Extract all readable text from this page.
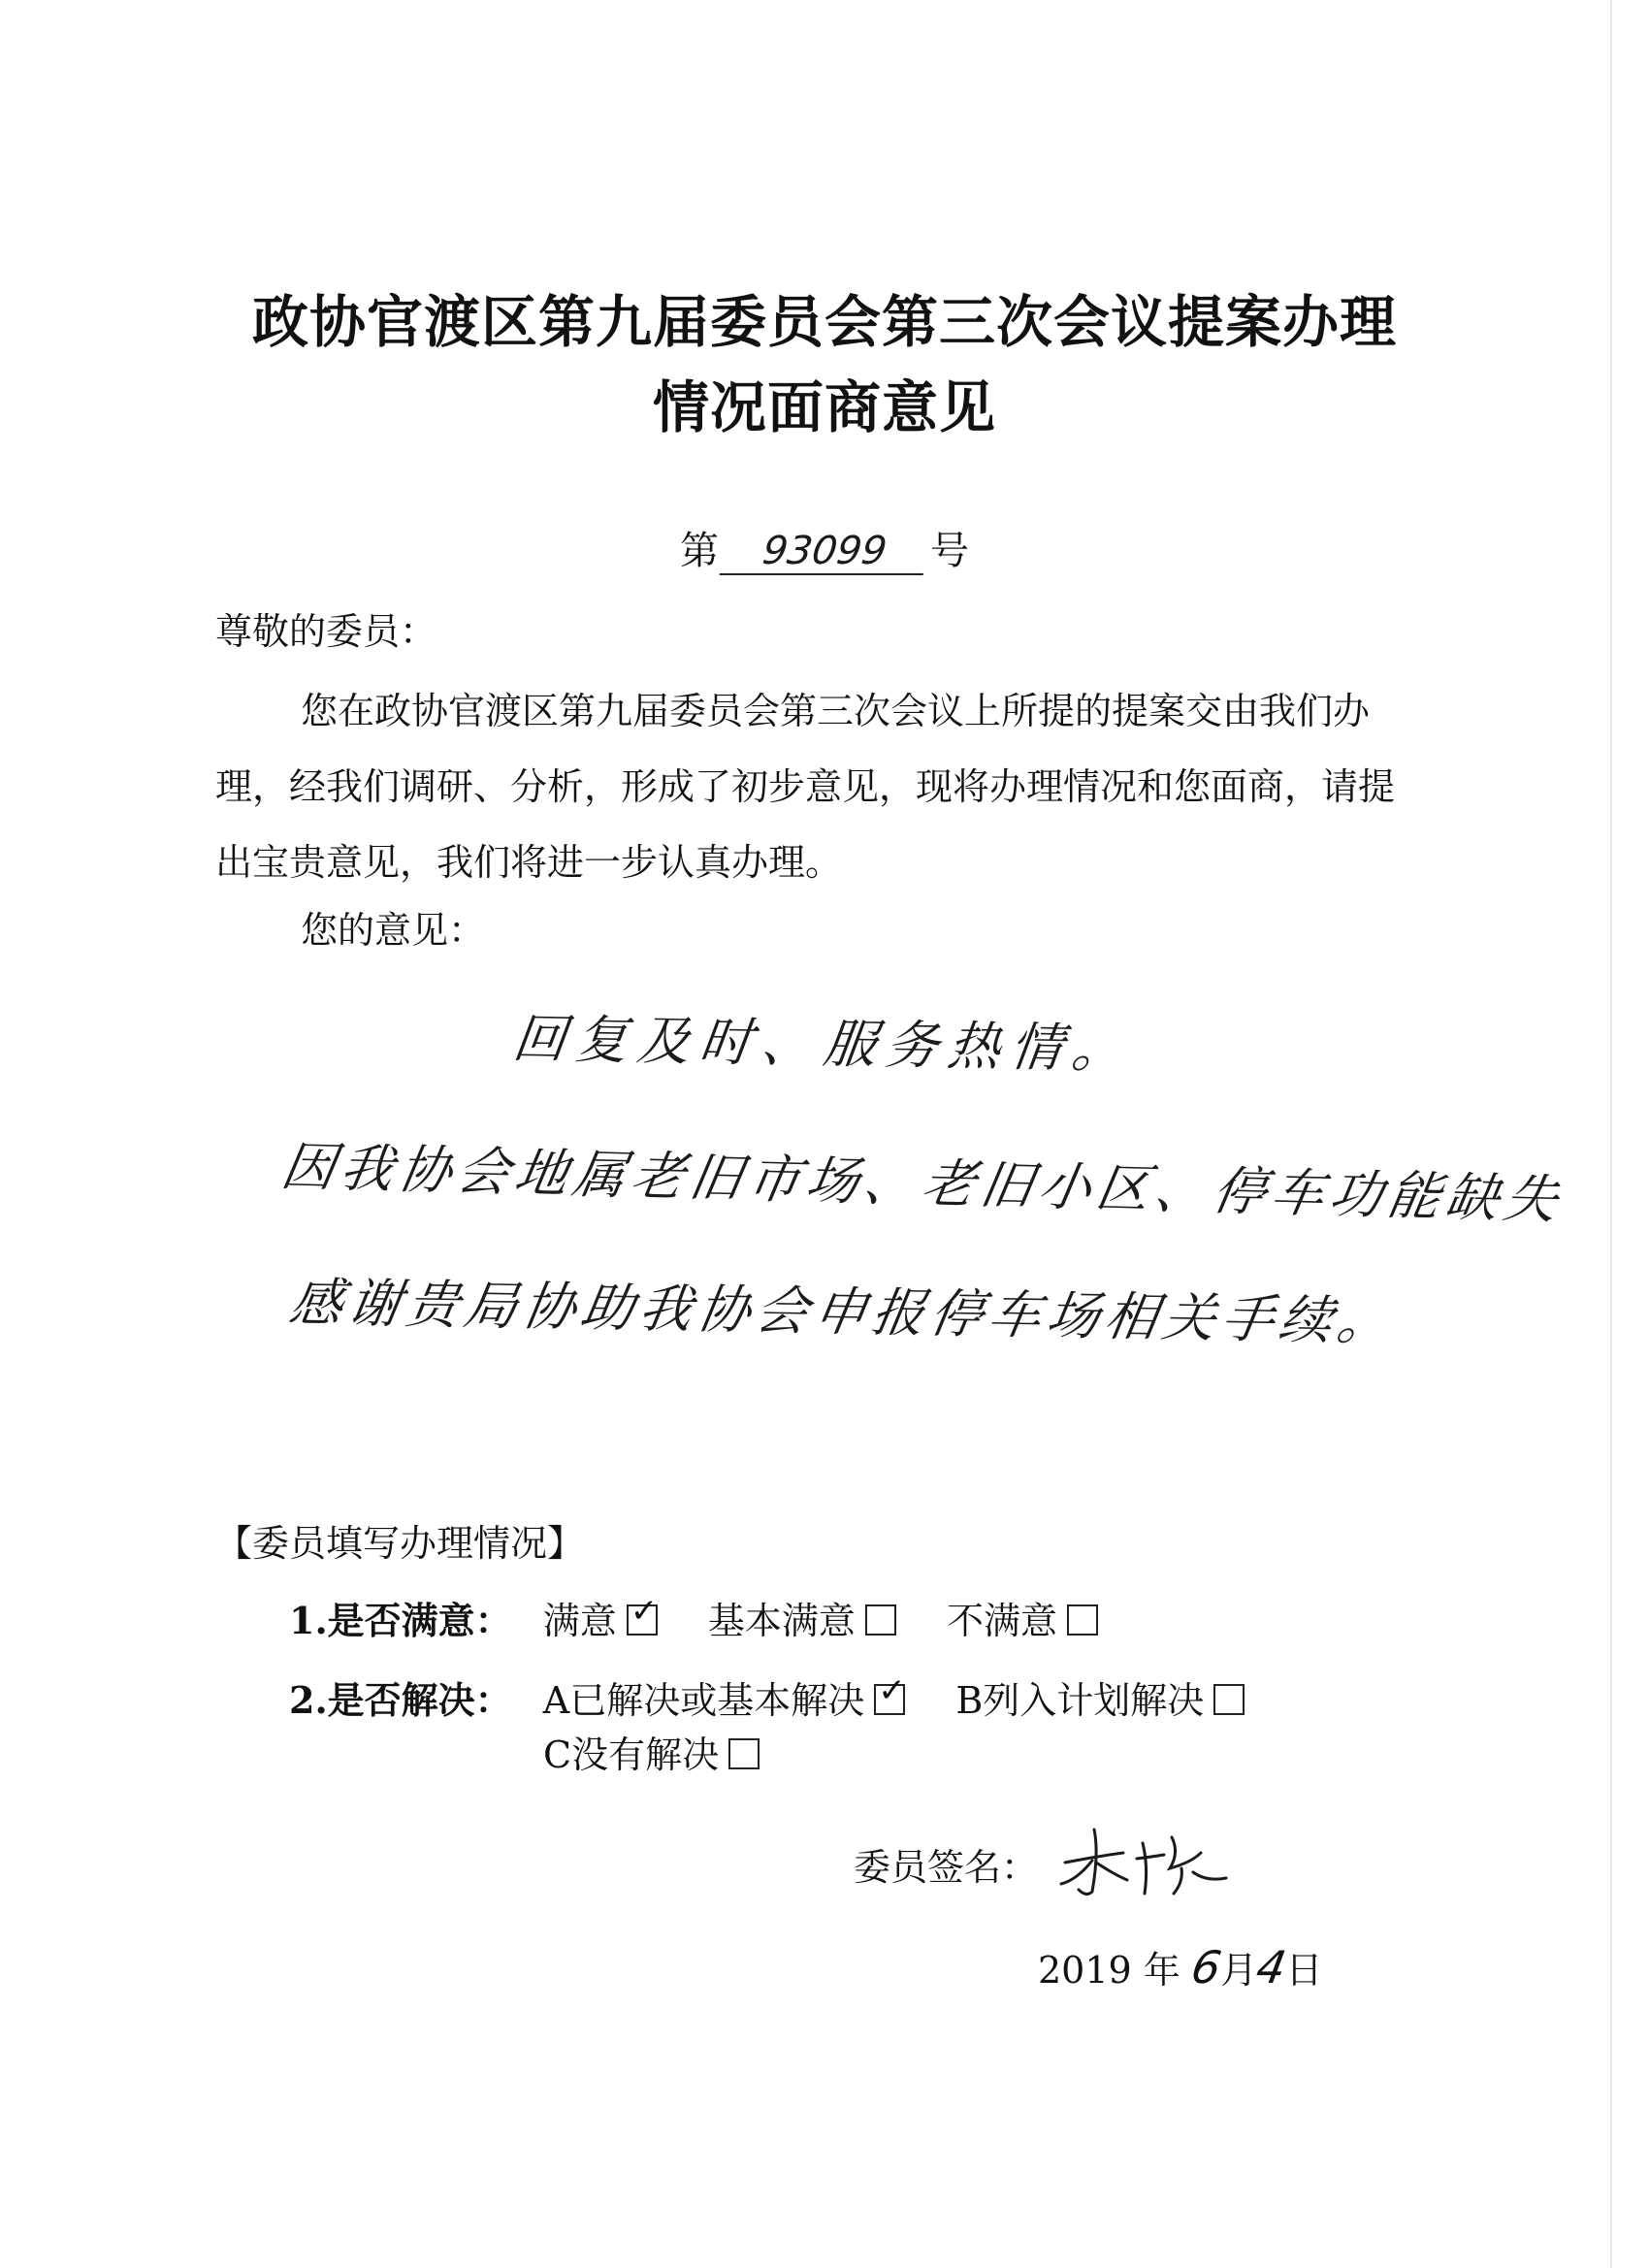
政协官渡区第九届委员会第三次会议提案办理
情况面商意见

第 93099 号

尊敬的委员：

您在政协官渡区第九届委员会第三次会议上所提的提案交由我们办理，经我们调研、分析，形成了初步意见，现将办理情况和您面商，请提出宝贵意见，我们将进一步认真办理。

您的意见：

回复及时、服务热情。

因我协会地属老旧市场、老旧小区、停车功能缺失

感谢贵局协助我协会申报停车场相关手续。

【委员填写办理情况】

1.是否满意： 满意 ✓ 基本满意 不满意

2.是否解决： A已解决或基本解决 ✓ B列入计划解决

C没有解决

委员签名：

2019 年 6月4日
